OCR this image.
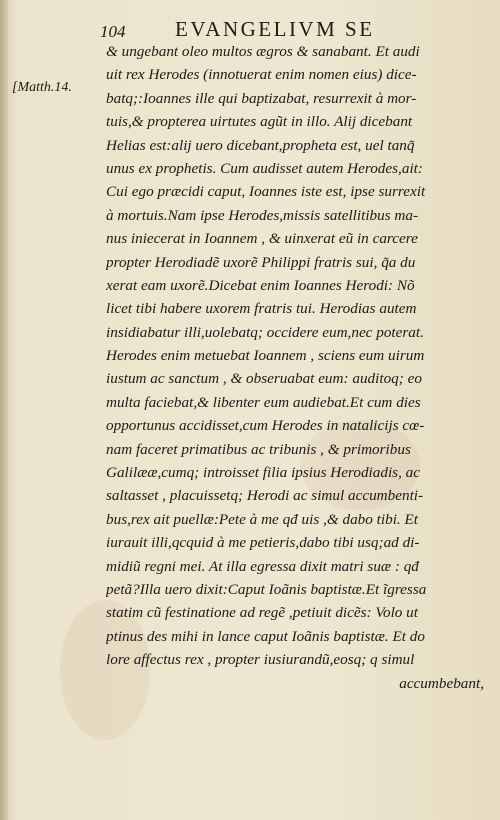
104 EVANGELIVM SE
[Matth.14.
& ungebant oleo multos ægros & sanabant. Et audi
uit rex Herodes (innotuerat enim nomen eius) dice-
batq;:Ioannes ille qui baptizabat, resurrexit à mor-
tuis,& propterea uirtutes agũt in illo. Alij dicebant
Helias est:alij uero dicebant,propheta est, uel tanq̃
unus ex prophetis. Cum audisset autem Herodes,ait:
Cui ego præcidi caput, Ioannes iste est, ipse surrexit
à mortuis.Nam ipse Herodes,missis satellitibus ma-
nus iniecerat in Ioannem , & uinxerat eũ in carcere
propter Herodiadẽ uxorẽ Philippi fratris sui, q̃a du
xerat eam uxorẽ.Dicebat enim Ioannes Herodi: Nõ
licet tibi habere uxorem fratris tui. Herodias autem
insidiabatur illi,uolebatq; occidere eum,nec poterat.
Herodes enim metuebat Ioannem , sciens eum uirum
iustum ac sanctum , & obseruabat eum: auditoq; eo
multa faciebat,& libenter eum audiebat.Et cum dies
opportunus accidisset,cum Herodes in natalicijs cœ-
nam faceret primatibus ac tribunis , & primoribus
Galilææ,cumq; introisset filia ipsius Herodiadis, ac
saltasset , placuissetq; Herodi ac simul accumbenti-
bus,rex ait puellæ:Pete à me qđ uis ,& dabo tibi. Et
iurauit illi,qcquid à me petieris,dabo tibi usq;ad di-
midiũ regni mei. At illa egressa dixit matri suæ : qđ
petã?Illa uero dixit:Caput Ioãnis baptistæ.Et ĩgressa
statim cũ festinatione ad regẽ ,petiuit dicẽs: Volo ut
ptinus des mihi in lance caput Ioãnis baptistæ. Et do
lore affectus rex , propter iusiurandũ,eosq; q simul
accumbebant,
